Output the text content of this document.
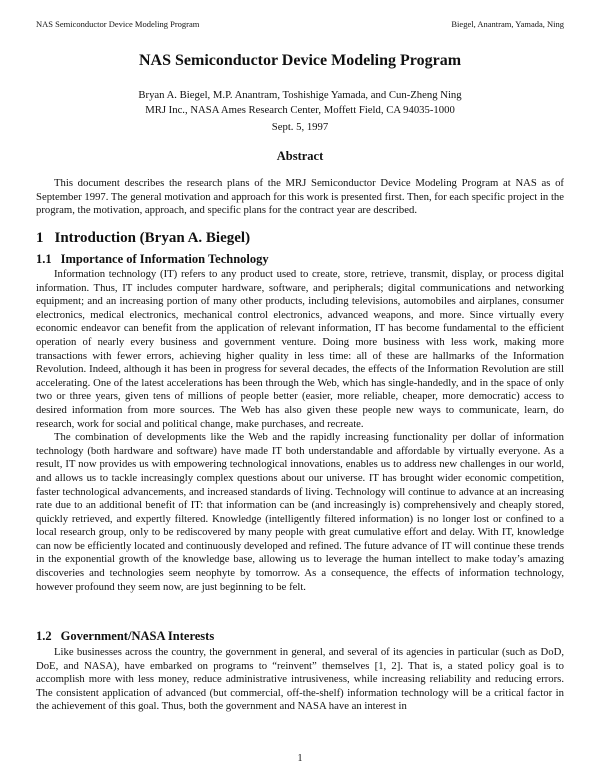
NAS Semiconductor Device Modeling Program	Biegel, Anantram, Yamada, Ning
NAS Semiconductor Device Modeling Program
Bryan A. Biegel, M.P. Anantram, Toshishige Yamada, and Cun-Zheng Ning
MRJ Inc., NASA Ames Research Center, Moffett Field, CA 94035-1000
Sept. 5, 1997
Abstract

This document describes the research plans of the MRJ Semiconductor Device Modeling Program at NAS as of September 1997. The general motivation and approach for this work is presented first. Then, for each specific project in the program, the motivation, approach, and specific plans for the contract year are described.

1 Introduction (Bryan A. Biegel)
1.1 Importance of Information Technology

Information technology (IT) refers to any product used to create, store, retrieve, transmit, display, or process digital information. Thus, IT includes computer hardware, software, and peripherals; digital communications and networking equipment; and an increasing portion of many other products, including televisions, automobiles and airplanes, consumer electronics, medical electronics, mechanical control electronics, advanced weapons, and more. Since virtually every economic endeavor can benefit from the application of relevant information, IT has become fundamental to the efficient operation of nearly every business and government venture. Doing more business with less work, making more transactions with fewer errors, achieving higher quality in less time: all of these are hallmarks of the Information Revolution. Indeed, although it has been in progress for several decades, the effects of the Information Revolution are still accelerating. One of the latest accelerations has been through the Web, which has single-handedly, and in the space of only two or three years, given tens of millions of people better (easier, more reliable, cheaper, more democratic) access to desired information from more sources. The Web has also given these people new ways to communicate, learn, do research, work for social and political change, make purchases, and recreate.

The combination of developments like the Web and the rapidly increasing functionality per dollar of information technology (both hardware and software) have made IT both understandable and affordable by virtually everyone. As a result, IT now provides us with empowering technological innovations, enables us to address new challenges in our world, and allows us to tackle increasingly complex questions about our universe. IT has brought wider economic competition, faster technological advancements, and increased standards of living. Technology will continue to advance at an increasing rate due to an additional benefit of IT: that information can be (and increasingly is) comprehensively and cheaply stored, quickly retrieved, and expertly filtered. Knowledge (intelligently filtered information) is no longer lost or confined to a local research group, only to be rediscovered by many people with great cumulative effort and delay. With IT, knowledge can now be efficiently located and continuously developed and refined. The future advance of IT will continue these trends in the exponential growth of the knowledge base, allowing us to leverage the human intellect to make today’s amazing discoveries and technologies seem neophyte by tomorrow. As a consequence, the effects of information technology, however profound they seem now, are just beginning to be felt.

1.2 Government/NASA Interests

Like businesses across the country, the government in general, and several of its agencies in particular (such as DoD, DoE, and NASA), have embarked on programs to “reinvent” themselves [1, 2]. That is, a stated policy goal is to accomplish more with less money, reduce administrative intrusiveness, while increasing reliability and reducing errors. The consistent application of advanced (but commercial, off-the-shelf) information technology will be a critical factor in the achievement of this goal. Thus, both the government and NASA have an interest in

1
